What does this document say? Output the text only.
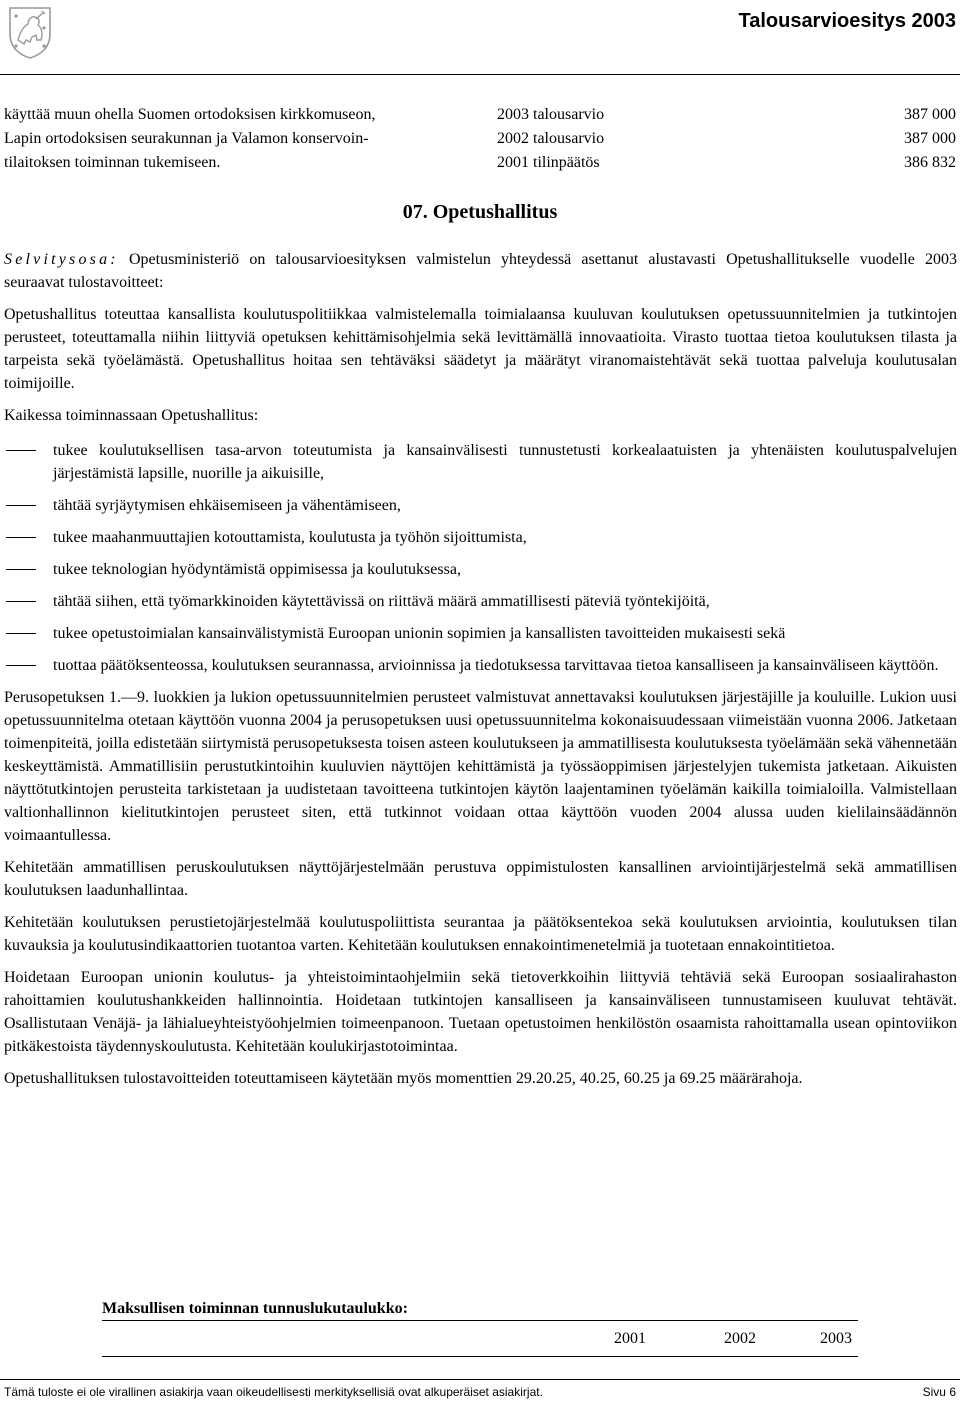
Talousarvioesitys 2003
käyttää muun ohella Suomen ortodoksisen kirkkomuseon,	2003 talousarvio	387 000
Lapin ortodoksisen seurakunnan ja Valamon konservoin-	2002 talousarvio	387 000
tilaitoksen toiminnan tukemiseen.	2001 tilinpäätös	386 832
07. Opetushallitus

Selvitysosa: Opetusministeriö on talousarvioesityksen valmistelun yhteydessä asettanut alustavasti Opetushallitukselle vuodelle 2003 seuraavat tulostavoitteet:

Opetushallitus toteuttaa kansallista koulutuspolitiikkaa valmistelemalla toimialaansa kuuluvan koulutuksen opetussuunnitelmien ja tutkintojen perusteet, toteuttamalla niihin liittyviä opetuksen kehittämisohjelmia sekä levittämällä innovaatioita. Virasto tuottaa tietoa koulutuksen tilasta ja tarpeista sekä työelämästä. Opetushallitus hoitaa sen tehtäväksi säädetyt ja määrätyt viranomaistehtävät sekä tuottaa palveluja koulutusalan toimijoille.

Kaikessa toiminnassaan Opetushallitus:

tukee koulutuksellisen tasa-arvon toteutumista ja kansainvälisesti tunnustetusti korkealaatuisten ja yhtenäisten koulutuspalvelujen järjestämistä lapsille, nuorille ja aikuisille,
tähtää syrjäytymisen ehkäisemiseen ja vähentämiseen,
tukee maahanmuuttajien kotouttamista, koulutusta ja työhön sijoittumista,
tukee teknologian hyödyntämistä oppimisessa ja koulutuksessa,
tähtää siihen, että työmarkkinoiden käytettävissä on riittävä määrä ammatillisesti päteviä työntekijöitä,
tukee opetustoimialan kansainvälistymistä Euroopan unionin sopimien ja kansallisten tavoitteiden mukaisesti sekä
tuottaa päätöksenteossa, koulutuksen seurannassa, arvioinnissa ja tiedotuksessa tarvittavaa tietoa kansalliseen ja kansainväliseen käyttöön.

Perusopetuksen 1.—9. luokkien ja lukion opetussuunnitelmien perusteet valmistuvat annettavaksi koulutuksen järjestäjille ja kouluille. Lukion uusi opetussuunnitelma otetaan käyttöön vuonna 2004 ja perusopetuksen uusi opetussuunnitelma kokonaisuudessaan viimeistään vuonna 2006. Jatketaan toimenpiteitä, joilla edistetään siirtymistä perusopetuksesta toisen asteen koulutukseen ja ammatillisesta koulutuksesta työelämään sekä vähennetään keskeyttämistä. Ammatillisiin perustutkintoihin kuuluvien näyttöjen kehittämistä ja työssäoppimisen järjestelyjen tukemista jatketaan. Aikuisten näyttötutkintojen perusteita tarkistetaan ja uudistetaan tavoitteena tutkintojen käytön laajentaminen työelämän kaikilla toimialoilla. Valmistellaan valtionhallinnon kielitutkintojen perusteet siten, että tutkinnot voidaan ottaa käyttöön vuoden 2004 alussa uuden kielilainsäädännön voimaantullessa.

Kehitetään ammatillisen peruskoulutuksen näyttöjärjestelmään perustuva oppimistulosten kansallinen arviointijärjestelmä sekä ammatillisen koulutuksen laadunhallintaa.

Kehitetään koulutuksen perustietojärjestelmää koulutuspoliittista seurantaa ja päätöksentekoa sekä koulutuksen arviointia, koulutuksen tilan kuvauksia ja koulutusindikaattorien tuotantoa varten. Kehitetään koulutuksen ennakointimenetelmiä ja tuotetaan ennakointitietoa.

Hoidetaan Euroopan unionin koulutus- ja yhteistoimintaohjelmiin sekä tietoverkkoihin liittyviä tehtäviä sekä Euroopan sosiaalirahaston rahoittamien koulutushankkeiden hallinnointia. Hoidetaan tutkintojen kansalliseen ja kansainväliseen tunnustamiseen kuuluvat tehtävät. Osallistutaan Venäjä- ja lähialueyhteistyöohjelmien toimeenpanoon. Tuetaan opetustoimen henkilöstön osaamista rahoittamalla usean opintoviikon pitkäkestoista täydennyskoulutusta. Kehitetään koulukirjastotoimintaa.

Opetushallituksen tulostavoitteiden toteuttamiseen käytetään myös momenttien 29.20.25, 40.25, 60.25 ja 69.25 määrärahoja.

Maksullisen toiminnan tunnuslukutaulukko:
2001	2002	2003
Tämä tuloste ei ole virallinen asiakirja vaan oikeudellisesti merkityksellisiä ovat alkuperäiset asiakirjat.	Sivu 6
